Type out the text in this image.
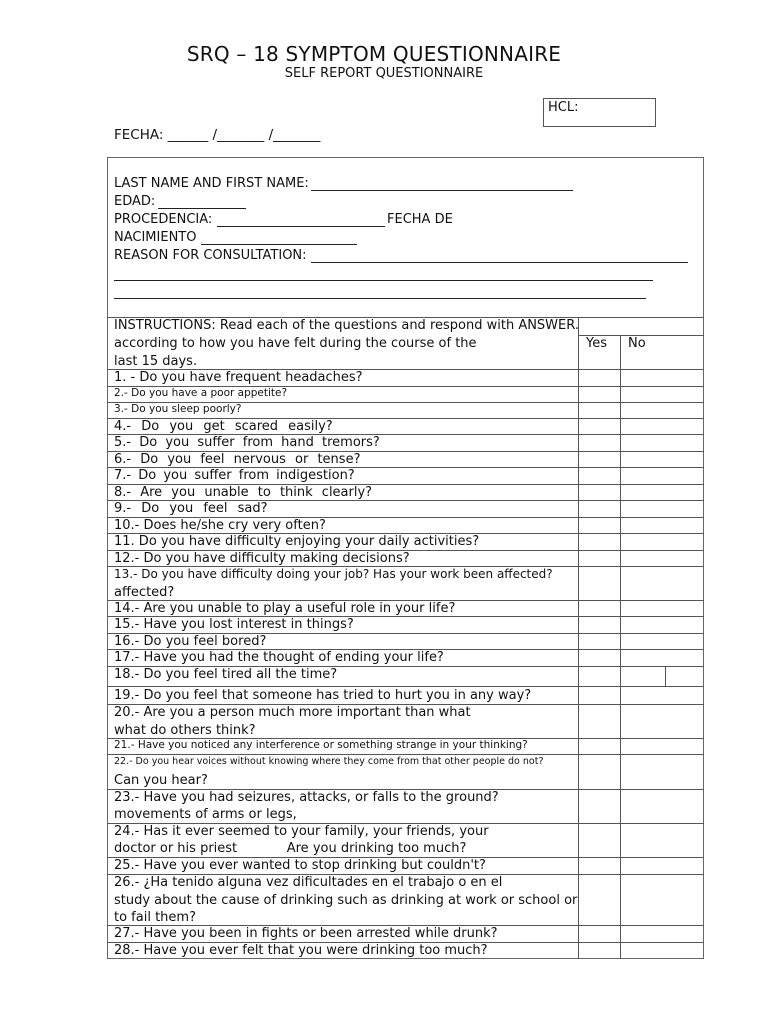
SRQ – 18 SYMPTOM QUESTIONNAIRE
SELF REPORT QUESTIONNAIRE
HCL:
FECHA: ______ /_______ /_______
LAST NAME AND FIRST NAME:
EDAD:
PROCEDENCIA:	FECHA DE
NACIMIENTO
REASON FOR CONSULTATION:
INSTRUCTIONS: Read each of the questions and respond with ANSWER.
according to how you have felt during the course of the
last 15 days.
Yes No
1. - Do you have frequent headaches?
2.- Do you have a poor appetite?
3.- Do you sleep poorly?
4.- Do you get scared easily?
5.- Do you suffer from hand tremors?
6.- Do you feel nervous or tense?
7.- Do you suffer from indigestion?
8.- Are you unable to think clearly?
9.- Do you feel sad?
10.- Does he/she cry very often?
11. Do you have difficulty enjoying your daily activities?
12.- Do you have difficulty making decisions?
13.- Do you have difficulty doing your job? Has your work been affected?
affected?
14.- Are you unable to play a useful role in your life?
15.- Have you lost interest in things?
16.- Do you feel bored?
17.- Have you had the thought of ending your life?
18.- Do you feel tired all the time?
19.- Do you feel that someone has tried to hurt you in any way?
20.- Are you a person much more important than what
what do others think?
21.- Have you noticed any interference or something strange in your thinking?
22.- Do you hear voices without knowing where they come from that other people do not?
Can you hear?
23.- Have you had seizures, attacks, or falls to the ground?
movements of arms or legs,
24.- Has it ever seemed to your family, your friends, your
doctor or his priest            Are you drinking too much?
25.- Have you ever wanted to stop drinking but couldn't?
26.- ¿Ha tenido alguna vez dificultades en el trabajo o en el
study about the cause of drinking such as drinking at work or school or
to fail them?
27.- Have you been in fights or been arrested while drunk?
28.- Have you ever felt that you were drinking too much?
